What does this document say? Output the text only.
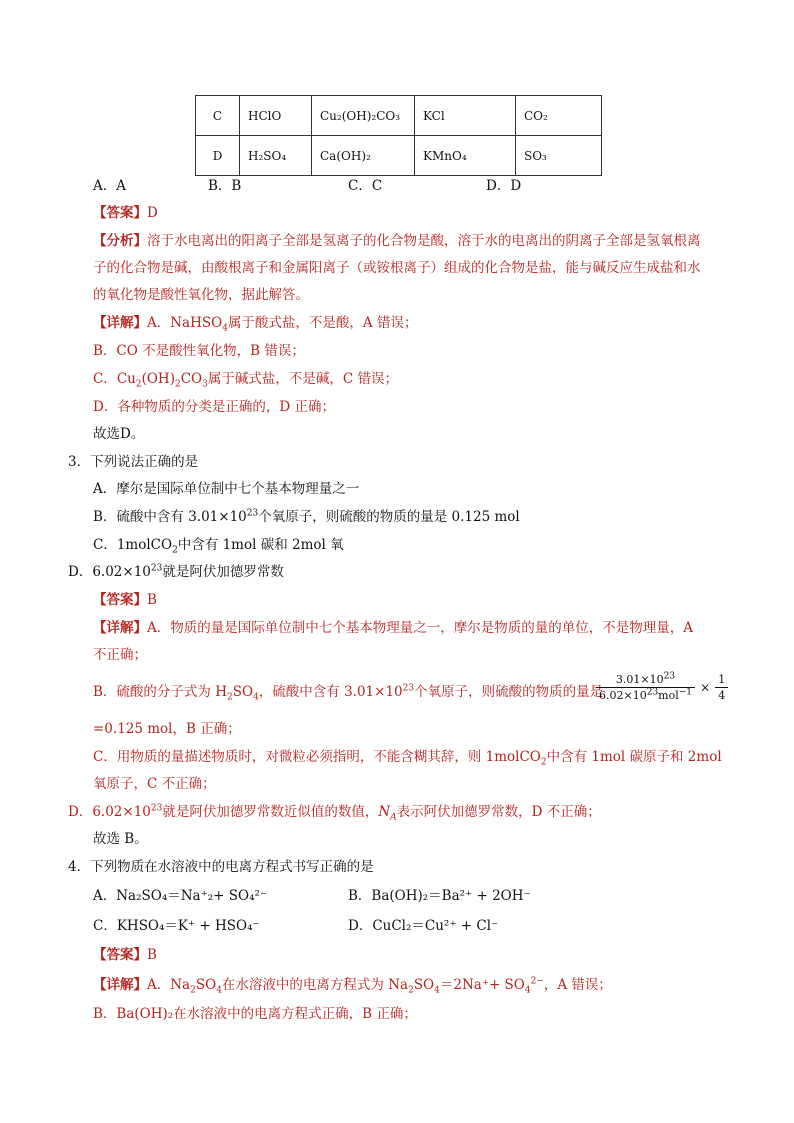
C	HClO	Cu₂(OH)₂CO₃	KCl	CO₂
D	H₂SO₄	Ca(OH)₂	KMnO₄	SO₃
A．A	B．B	C．C	D．D
【答案】D
【分析】溶于水电离出的阳离子全部是氢离子的化合物是酸，溶于水的电离出的阴离子全部是氢氧根离
子的化合物是碱，由酸根离子和金属阳离子（或铵根离子）组成的化合物是盐，能与碱反应生成盐和水
的氧化物是酸性氧化物，据此解答。
【详解】A．NaHSO$_4$属于酸式盐，不是酸，A 错误；
B．CO 不是酸性氧化物，B 错误；
C．$Cu_2(OH)_2CO_3$属于碱式盐，不是碱，C 错误；
D．各种物质的分类是正确的，D 正确；
故选D。
3．下列说法正确的是
A．摩尔是国际单位制中七个基本物理量之一
B．硫酸中含有 $3.01\times 10^{23}$个氧原子，则硫酸的物质的量是 0.125 mol
C．1molCO$_2$中含有 1mol 碳和 2mol 氧
D．$6.02\times 10^{23}$就是阿伏加德罗常数
【答案】B
【详解】A．物质的量是国际单位制中七个基本物理量之一，摩尔是物质的量的单位，不是物理量，A
不正确；
B．硫酸的分子式为 $H_2SO_4$，硫酸中含有 $3.01\times 10^{23}$个氧原子，则硫酸的物质的量是
$\frac{3.01\times 10^{23}}{6.02\times 10^{23}mol^{-1}} \times \frac{1}{4}$
=0.125 mol，B 正确；
C．用物质的量描述物质时，对微粒必须指明，不能含糊其辞，则 1molCO$_2$中含有 1mol 碳原子和 2mol
氧原子，C 不正确；
D．$6.02\times 10^{23}$就是阿伏加德罗常数近似值的数值，$N_A$表示阿伏加德罗常数，D 不正确；
故选 B。
4．下列物质在水溶液中的电离方程式书写正确的是
A．Na₂SO₄＝Na⁺₂+ SO₄²⁻	B．Ba(OH)₂＝Ba²⁺ + 2OH⁻
C．KHSO₄＝K⁺ + HSO₄⁻	D．CuCl₂＝Cu²⁺ + Cl⁻
【答案】B
【详解】A．$Na_2SO_4$在水溶液中的电离方程式为 $Na_2SO_4=2Na^++ SO_4^{2-}$，A 错误；
B．Ba(OH)₂在水溶液中的电离方程式正确，B 正确；
